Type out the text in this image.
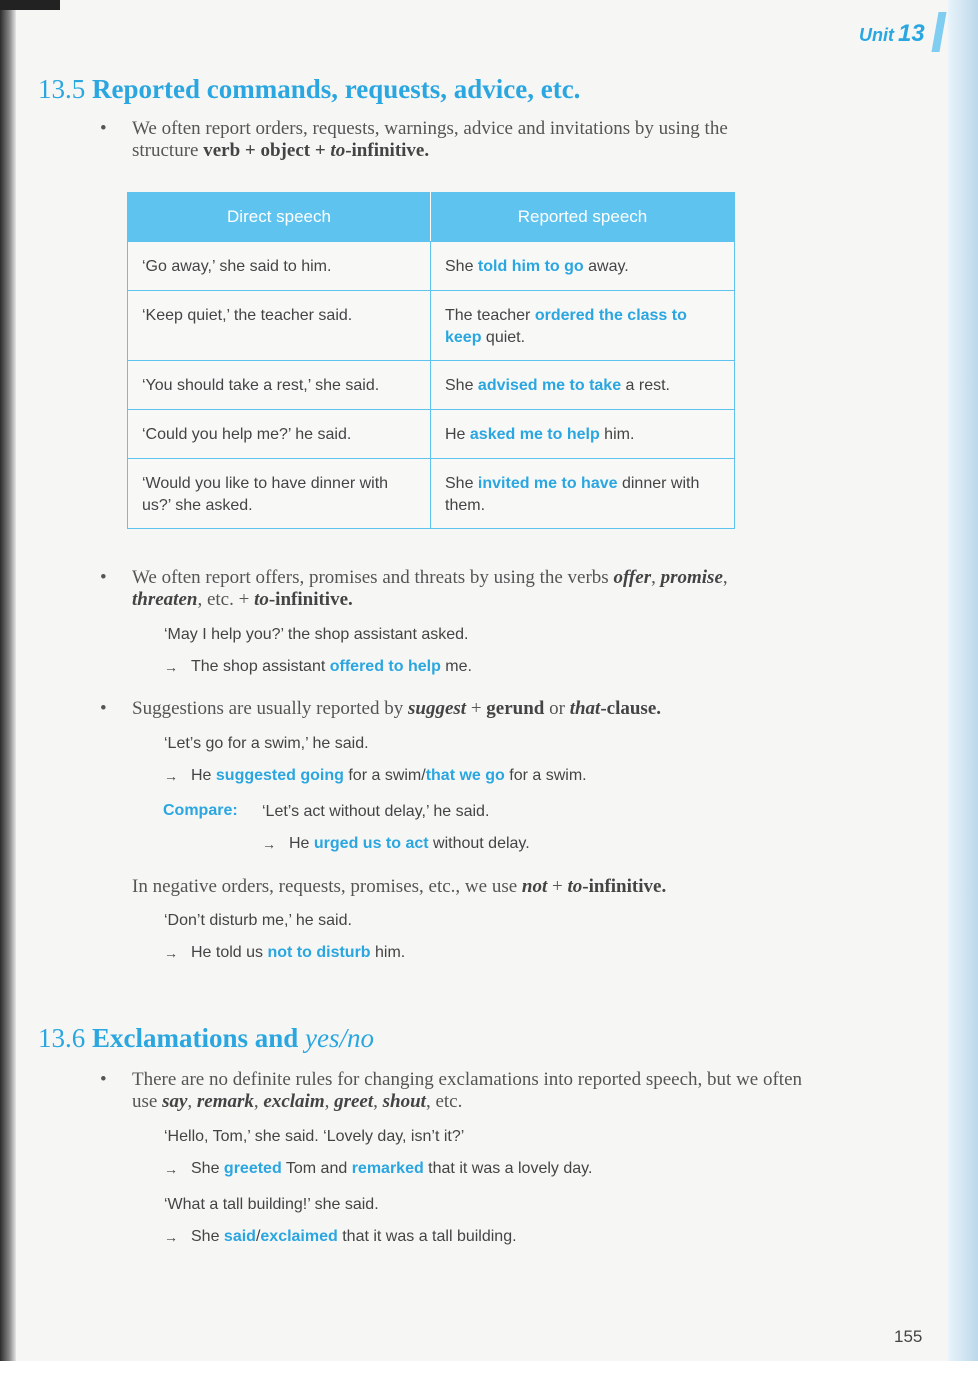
Unit 13
13.5 Reported commands, requests, advice, etc.
• We often report orders, requests, warnings, advice and invitations by using the structure verb + object + to-infinitive.
Direct speech	Reported speech
‘Go away,’ she said to him.	She told him to go away.
‘Keep quiet,’ the teacher said.	The teacher ordered the class to keep quiet.
‘You should take a rest,’ she said.	She advised me to take a rest.
‘Could you help me?’ he said.	He asked me to help him.
‘Would you like to have dinner with us?’ she asked.	She invited me to have dinner with them.
• We often report offers, promises and threats by using the verbs offer, promise, threaten, etc. + to-infinitive.
‘May I help you?’ the shop assistant asked.
→ The shop assistant offered to help me.
• Suggestions are usually reported by suggest + gerund or that-clause.
‘Let’s go for a swim,’ he said.
→ He suggested going for a swim/that we go for a swim.
Compare: ‘Let’s act without delay,’ he said.
→ He urged us to act without delay.
In negative orders, requests, promises, etc., we use not + to-infinitive.
‘Don’t disturb me,’ he said.
→ He told us not to disturb him.
13.6 Exclamations and yes/no
• There are no definite rules for changing exclamations into reported speech, but we often use say, remark, exclaim, greet, shout, etc.
‘Hello, Tom,’ she said. ‘Lovely day, isn’t it?’
→ She greeted Tom and remarked that it was a lovely day.
‘What a tall building!’ she said.
→ She said/exclaimed that it was a tall building.
155
